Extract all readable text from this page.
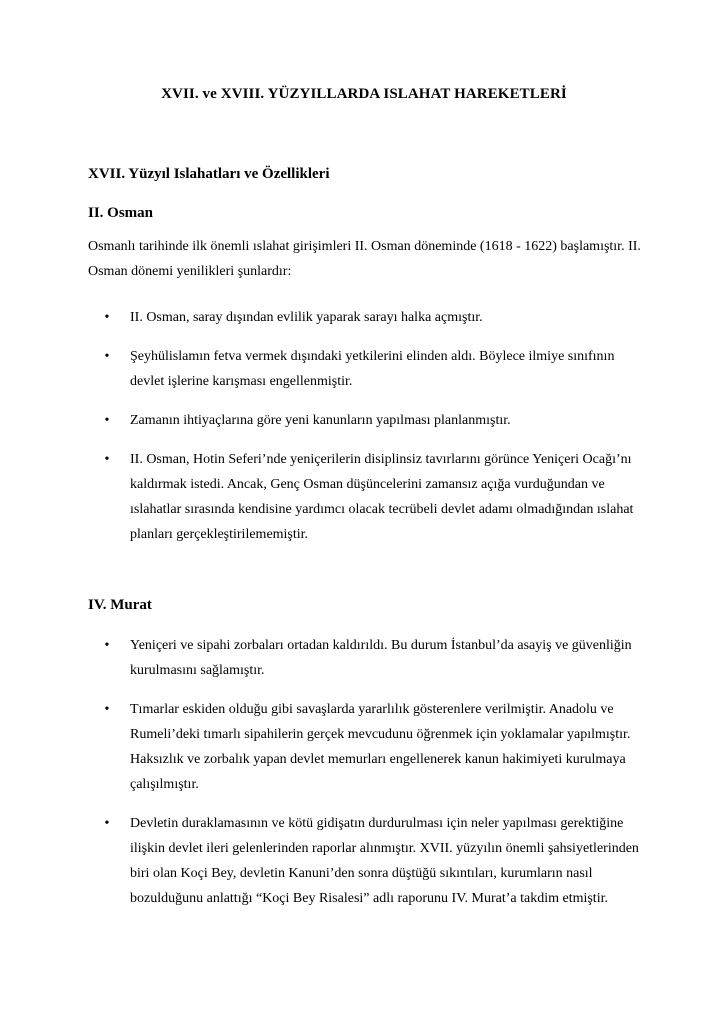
XVII. ve XVIII. YÜZYILLARDA ISLAHAT HAREKETLERİ
XVII. Yüzyıl Islahatları ve Özellikleri
II. Osman
Osmanlı tarihinde ilk önemli ıslahat girişimleri II. Osman döneminde (1618 - 1622) başlamıştır. II. Osman dönemi yenilikleri şunlardır:
• II. Osman, saray dışından evlilik yaparak sarayı halka açmıştır.
• Şeyhülislamın fetva vermek dışındaki yetkilerini elinden aldı. Böylece ilmiye sınıfının devlet işlerine karışması engellenmiştir.
• Zamanın ihtiyaçlarına göre yeni kanunların yapılması planlanmıştır.
• II. Osman, Hotin Seferi’nde yeniçerilerin disiplinsiz tavırlarını görünce Yeniçeri Ocağı’nı kaldırmak istedi. Ancak, Genç Osman düşüncelerini zamansız açığa vurduğundan ve ıslahatlar sırasında kendisine yardımcı olacak tecrübeli devlet adamı olmadığından ıslahat planları gerçekleştirilememiştir.
IV. Murat
• Yeniçeri ve sipahi zorbaları ortadan kaldırıldı. Bu durum İstanbul’da asayiş ve güvenliğin kurulmasını sağlamıştır.
• Tımarlar eskiden olduğu gibi savaşlarda yararlılık gösterenlere verilmiştir. Anadolu ve Rumeli’deki tımarlı sipahilerin gerçek mevcudunu öğrenmek için yoklamalar yapılmıştır. Haksızlık ve zorbalık yapan devlet memurları engellenerek kanun hakimiyeti kurulmaya çalışılmıştır.
• Devletin duraklamasının ve kötü gidişatın durdurulması için neler yapılması gerektiğine ilişkin devlet ileri gelenlerinden raporlar alınmıştır. XVII. yüzyılın önemli şahsiyetlerinden biri olan Koçi Bey, devletin Kanuni’den sonra düştüğü sıkıntıları, kurumların nasıl bozulduğunu anlattığı “Koçi Bey Risalesi” adlı raporunu IV. Murat’a takdim etmiştir.
